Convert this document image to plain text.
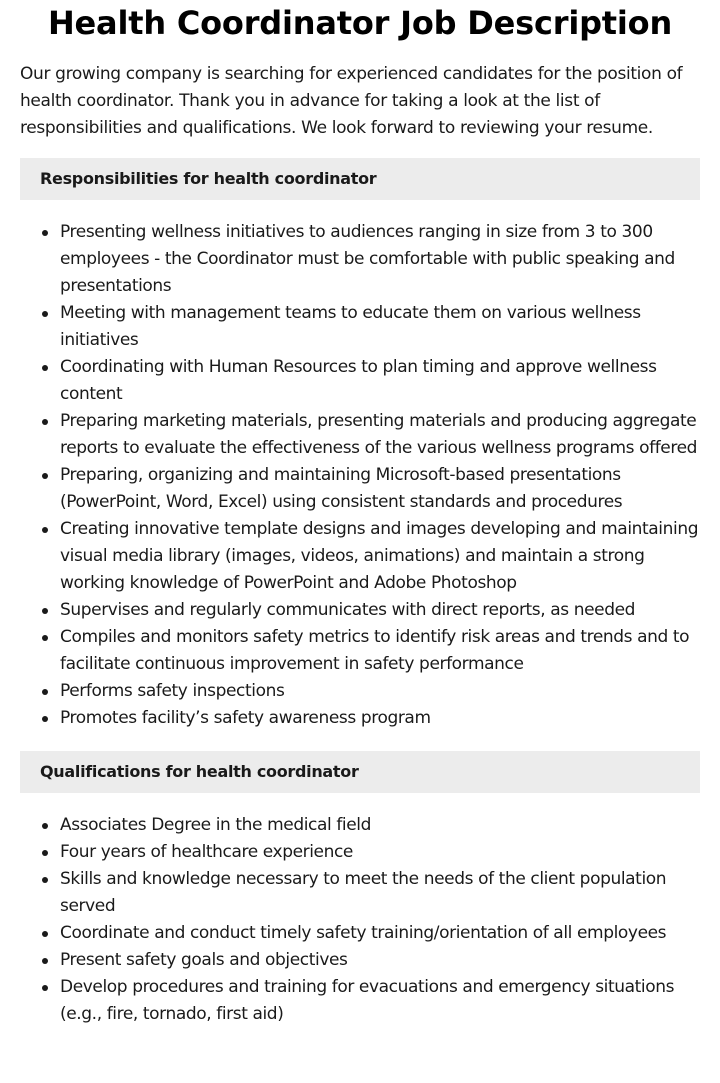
Health Coordinator Job Description

Our growing company is searching for experienced candidates for the position of health coordinator. Thank you in advance for taking a look at the list of responsibilities and qualifications. We look forward to reviewing your resume.

Responsibilities for health coordinator
Presenting wellness initiatives to audiences ranging in size from 3 to 300 employees - the Coordinator must be comfortable with public speaking and presentations
Meeting with management teams to educate them on various wellness initiatives
Coordinating with Human Resources to plan timing and approve wellness content
Preparing marketing materials, presenting materials and producing aggregate reports to evaluate the effectiveness of the various wellness programs offered
Preparing, organizing and maintaining Microsoft-based presentations (PowerPoint, Word, Excel) using consistent standards and procedures
Creating innovative template designs and images developing and maintaining visual media library (images, videos, animations) and maintain a strong working knowledge of PowerPoint and Adobe Photoshop
Supervises and regularly communicates with direct reports, as needed
Compiles and monitors safety metrics to identify risk areas and trends and to facilitate continuous improvement in safety performance
Performs safety inspections
Promotes facility’s safety awareness program
Qualifications for health coordinator
Associates Degree in the medical field
Four years of healthcare experience
Skills and knowledge necessary to meet the needs of the client population served
Coordinate and conduct timely safety training/orientation of all employees
Present safety goals and objectives
Develop procedures and training for evacuations and emergency situations (e.g., fire, tornado, first aid)
